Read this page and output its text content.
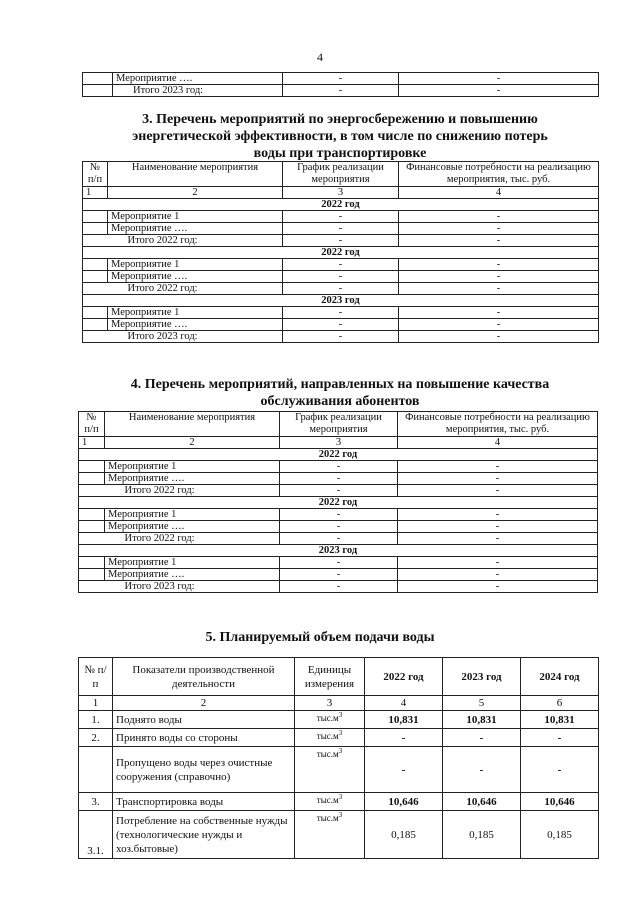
4
	Мероприятие ….	-	-
	Итого 2023 год:	-	-
3. Перечень мероприятий по энергосбережению и повышению
энергетической эффективности, в том числе по снижению потерь
воды при транспортировке
№ п/п	Наименование мероприятия	График реализации мероприятия	Финансовые потребности на реализацию мероприятия, тыс. руб.
1	2	3	4
2022 год			
	Мероприятие 1	-	-
	Мероприятие ….	-	-
	Итого 2022 год:	-	-
2022 год			
	Мероприятие 1	-	-
	Мероприятие ….	-	-
	Итого 2022 год:	-	-
2023 год			
	Мероприятие 1	-	-
	Мероприятие ….	-	-
	Итого 2023 год:	-	-
4. Перечень мероприятий, направленных на повышение качества
обслуживания абонентов
№ п/п	Наименование мероприятия	График реализации мероприятия	Финансовые потребности на реализацию мероприятия, тыс. руб.
1	2	3	4
2022 год			
	Мероприятие 1	-	-
	Мероприятие ….	-	-
	Итого 2022 год:	-	-
2022 год			
	Мероприятие 1	-	-
	Мероприятие ….	-	-
	Итого 2022 год:	-	-
2023 год			
	Мероприятие 1	-	-
	Мероприятие ….	-	-
	Итого 2023 год:	-	-
5. Планируемый объем подачи воды
№ п/п	Показатели производственной деятельности	Единицы измерения	2022 год	2023 год	2024 год
1	2	3	4	5	6
1.	Поднято воды	$тыс.м^3$	10,831	10,831	10,831
2.	Принято воды со стороны	$тыс.м^3$	-	-	-
	Пропущено воды через очистные сооружения (справочно)	$тыс.м^3$	-	-	-
3.	Транспортировка воды	$тыс.м^3$	10,646	10,646	10,646
3.1.	Потребление на собственные нужды (технологические нужды и хоз.бытовые)	$тыс.м^3$	0,185	0,185	0,185
